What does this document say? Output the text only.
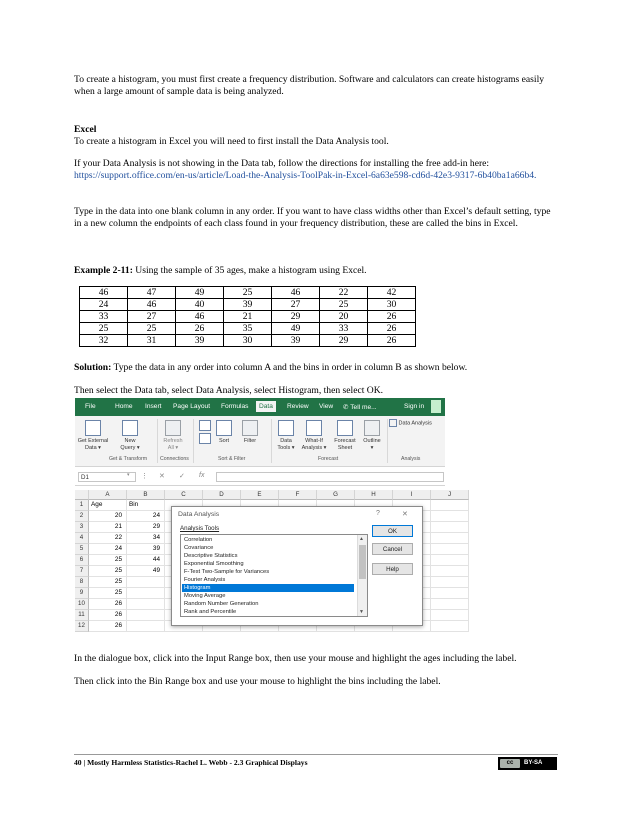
To create a histogram, you must first create a frequency distribution. Software and calculators can create histograms easily when a large amount of sample data is being analyzed.
Excel
To create a histogram in Excel you will need to first install the Data Analysis tool.
If your Data Analysis is not showing in the Data tab, follow the directions for installing the free add-in here: https://support.office.com/en-us/article/Load-the-Analysis-ToolPak-in-Excel-6a63e598-cd6d-42e3-9317-6b40ba1a66b4.
Type in the data into one blank column in any order. If you want to have class widths other than Excel’s default setting, type in a new column the endpoints of each class found in your frequency distribution, these are called the bins in Excel.
Example 2-11: Using the sample of 35 ages, make a histogram using Excel.
46	47	49	25	46	22	42
24	46	40	39	27	25	30
33	27	46	21	29	20	26
25	25	26	35	49	33	26
32	31	39	30	39	29	26
Solution: Type the data in any order into column A and the bins in order in column B as shown below.
Then select the Data tab, select Data Analysis, select Histogram, then select OK.
File	Home Insert Page Layout Formulas	Data	Review View ✆ Tell me...	Sign in
Get External
Data ▾
New
Query ▾
Refresh
All ▾
Sort	Filter	Data
Tools ▾
What-If
Analysis ▾
Forecast
Sheet
Outline
▾
Data Analysis
Get & Transform Connections	Sort & Filter	Forecast	Analysis
D1	▾ ⋮ ✕ ✓ fx
A	B	C	D	E	F	G	H	I	J
1	Age	Bin
2	20	24
3	21	29
4	22	34
5	24	39
6	25	44
7	25	49
8	25
9	25
10	26
11	26
12	26
Data Analysis	?	✕
Analysis Tools
Rank and Percentile
Random Number Generation
Moving Average
Histogram
Fourier Analysis
F-Test Two-Sample for Variances
Exponential Smoothing
Descriptive Statistics
Covariance
Correlation	▲
▼
OK
Cancel
Help
In the dialogue box, click into the Input Range box, then use your mouse and highlight the ages including the label.
Then click into the Bin Range box and use your mouse to highlight the bins including the label.
40 | Mostly Harmless Statistics-Rachel L. Webb - 2.3 Graphical Displays	cc	BY-SA
